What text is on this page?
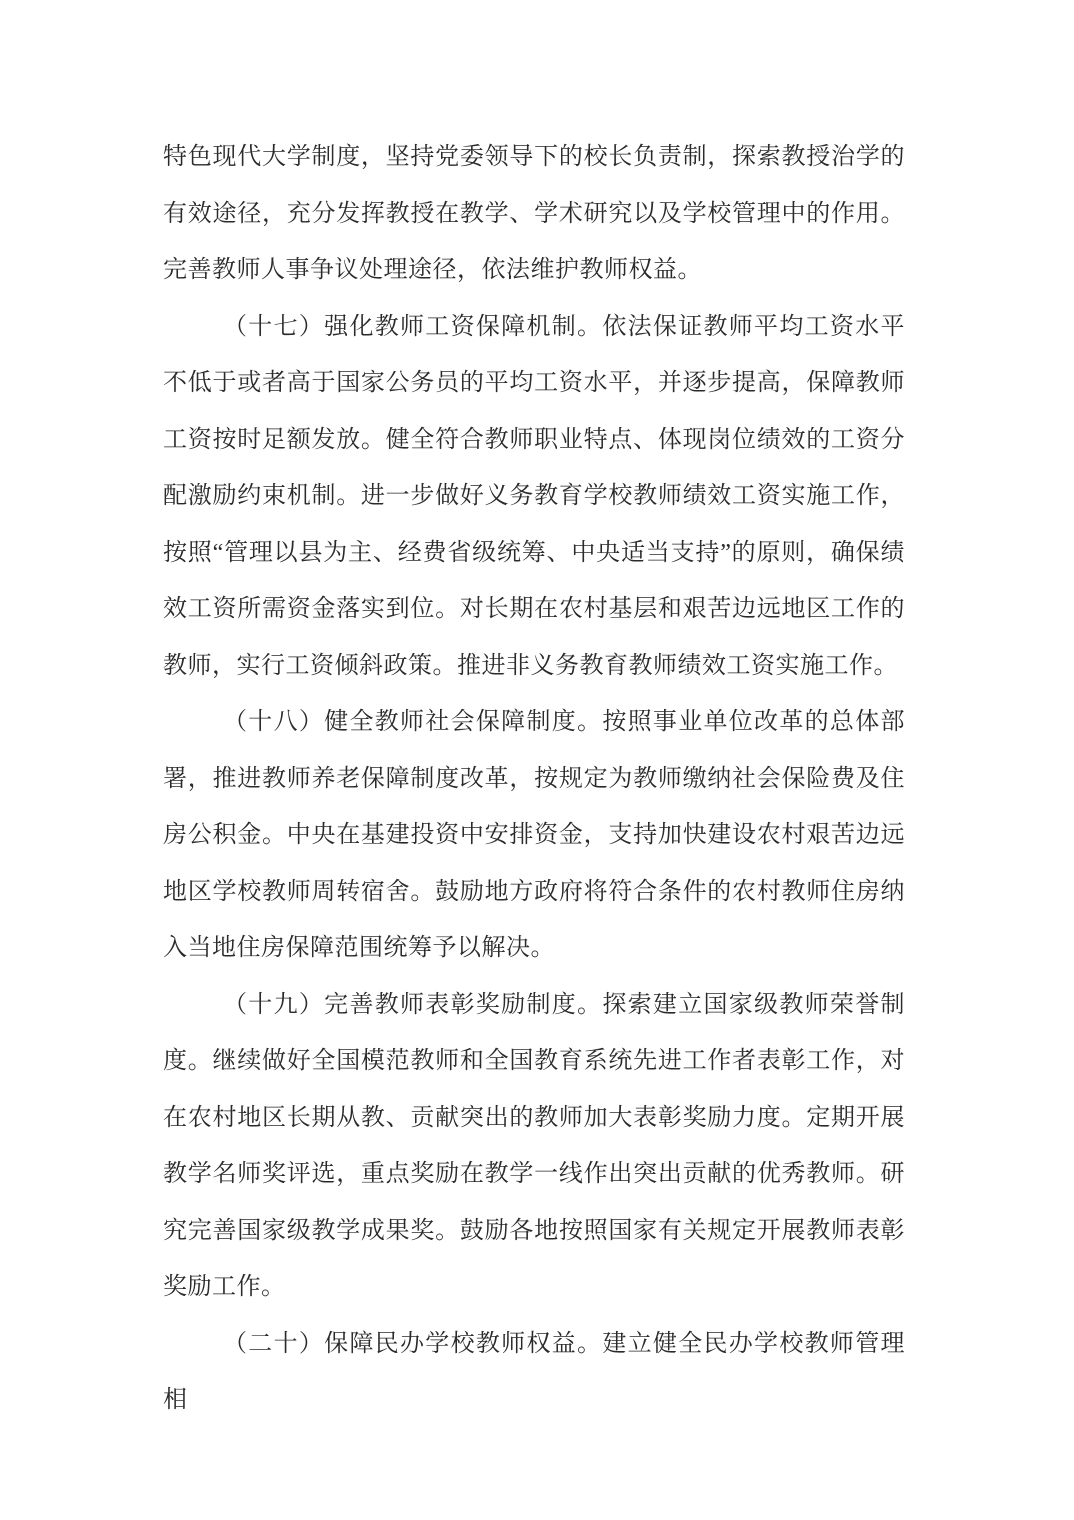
特色现代大学制度，坚持党委领导下的校长负责制，探索教授治学的有效途径，充分发挥教授在教学、学术研究以及学校管理中的作用。完善教师人事争议处理途径，依法维护教师权益。

（十七）强化教师工资保障机制。依法保证教师平均工资水平不低于或者高于国家公务员的平均工资水平，并逐步提高，保障教师工资按时足额发放。健全符合教师职业特点、体现岗位绩效的工资分配激励约束机制。进一步做好义务教育学校教师绩效工资实施工作，按照“管理以县为主、经费省级统筹、中央适当支持”的原则，确保绩效工资所需资金落实到位。对长期在农村基层和艰苦边远地区工作的教师，实行工资倾斜政策。推进非义务教育教师绩效工资实施工作。

（十八）健全教师社会保障制度。按照事业单位改革的总体部署，推进教师养老保障制度改革，按规定为教师缴纳社会保险费及住房公积金。中央在基建投资中安排资金，支持加快建设农村艰苦边远地区学校教师周转宿舍。鼓励地方政府将符合条件的农村教师住房纳入当地住房保障范围统筹予以解决。

（十九）完善教师表彰奖励制度。探索建立国家级教师荣誉制度。继续做好全国模范教师和全国教育系统先进工作者表彰工作，对在农村地区长期从教、贡献突出的教师加大表彰奖励力度。定期开展教学名师奖评选，重点奖励在教学一线作出突出贡献的优秀教师。研究完善国家级教学成果奖。鼓励各地按照国家有关规定开展教师表彰奖励工作。

（二十）保障民办学校教师权益。建立健全民办学校教师管理相
